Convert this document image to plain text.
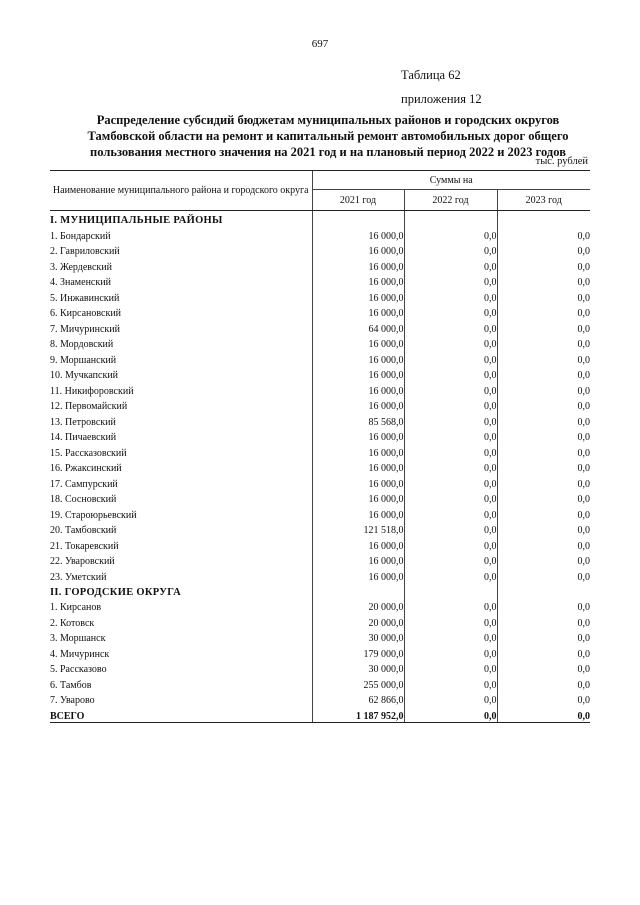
697
Таблица 62
приложения 12
Распределение субсидий бюджетам муниципальных районов и городских округов
Тамбовской области на ремонт и капитальный ремонт автомобильных дорог общего
пользования местного значения на 2021 год и на плановый период 2022 и 2023 годов
тыс. рублей
Наименование муниципального района и городского округа	Суммы на		
	2021 год	2022 год	2023 год
I. МУНИЦИПАЛЬНЫЕ РАЙОНЫ			
1. Бондарский	16 000,0	0,0	0,0
2. Гавриловский	16 000,0	0,0	0,0
3. Жердевский	16 000,0	0,0	0,0
4. Знаменский	16 000,0	0,0	0,0
5. Инжавинский	16 000,0	0,0	0,0
6. Кирсановский	16 000,0	0,0	0,0
7. Мичуринский	64 000,0	0,0	0,0
8. Мордовский	16 000,0	0,0	0,0
9. Моршанский	16 000,0	0,0	0,0
10. Мучкапский	16 000,0	0,0	0,0
11. Никифоровский	16 000,0	0,0	0,0
12. Первомайский	16 000,0	0,0	0,0
13. Петровский	85 568,0	0,0	0,0
14. Пичаевский	16 000,0	0,0	0,0
15. Рассказовский	16 000,0	0,0	0,0
16. Ржаксинский	16 000,0	0,0	0,0
17. Сампурский	16 000,0	0,0	0,0
18. Сосновский	16 000,0	0,0	0,0
19. Староюрьевский	16 000,0	0,0	0,0
20. Тамбовский	121 518,0	0,0	0,0
21. Токаревский	16 000,0	0,0	0,0
22. Уваровский	16 000,0	0,0	0,0
23. Уметский	16 000,0	0,0	0,0
II. ГОРОДСКИЕ ОКРУГА			
1. Кирсанов	20 000,0	0,0	0,0
2. Котовск	20 000,0	0,0	0,0
3. Моршанск	30 000,0	0,0	0,0
4. Мичуринск	179 000,0	0,0	0,0
5. Рассказово	30 000,0	0,0	0,0
6. Тамбов	255 000,0	0,0	0,0
7. Уварово	62 866,0	0,0	0,0
ВСЕГО	1 187 952,0	0,0	0,0
